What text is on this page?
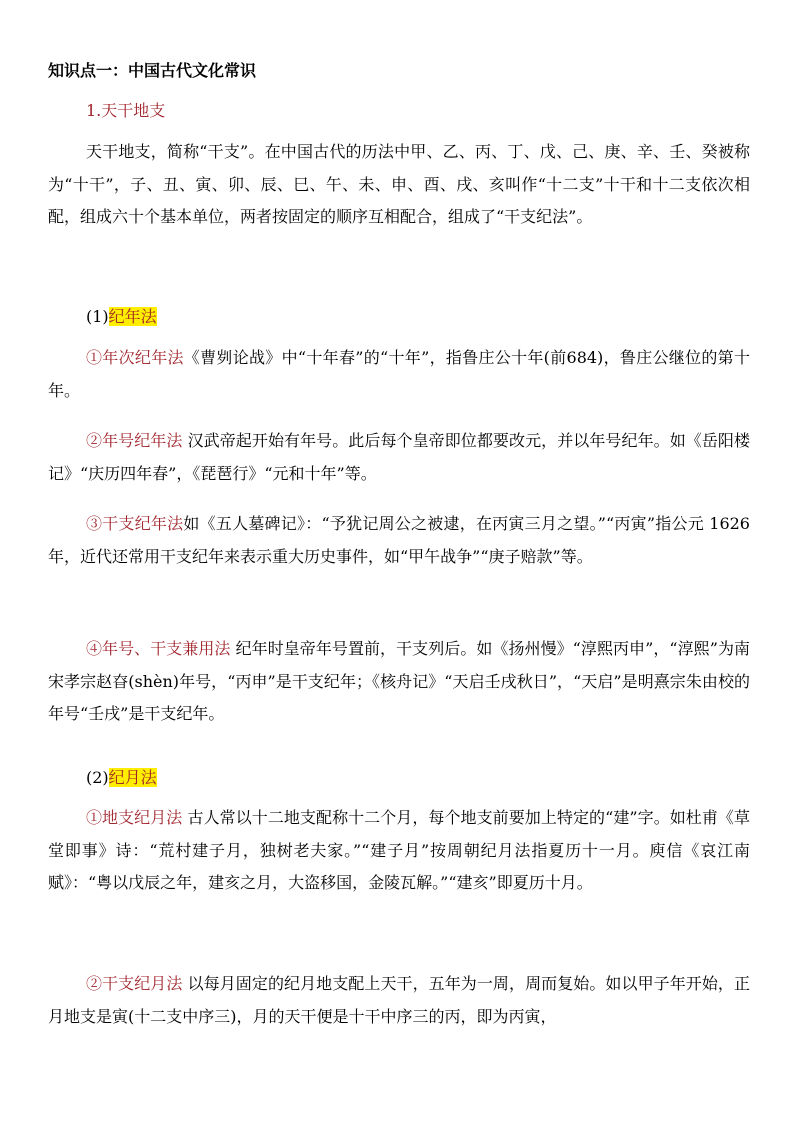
知识点一：中国古代文化常识
1.天干地支
天干地支，简称“干支”。在中国古代的历法中甲、乙、丙、丁、戊、己、庚、辛、壬、癸被称为“十干”，子、丑、寅、卯、辰、巳、午、未、申、酉、戌、亥叫作“十二支”十干和十二支依次相配，组成六十个基本单位，两者按固定的顺序互相配合，组成了“干支纪法”。
(1)纪年法
①年次纪年法《曹刿论战》中“十年春”的“十年”，指鲁庄公十年(前684)，鲁庄公继位的第十年。
②年号纪年法 汉武帝起开始有年号。此后每个皇帝即位都要改元，并以年号纪年。如《岳阳楼记》“庆历四年春”，《琵琶行》“元和十年”等。
③干支纪年法如《五人墓碑记》：“予犹记周公之被逮，在丙寅三月之望。”“丙寅”指公元 1626 年，近代还常用干支纪年来表示重大历史事件，如“甲午战争”“庚子赔款”等。
④年号、干支兼用法 纪年时皇帝年号置前，干支列后。如《扬州慢》“淳熙丙申”，“淳熙”为南宋孝宗赵昚(shèn)年号，“丙申”是干支纪年；《核舟记》“天启壬戌秋日”，“天启”是明熹宗朱由校的年号“壬戌”是干支纪年。
(2)纪月法
①地支纪月法 古人常以十二地支配称十二个月，每个地支前要加上特定的“建”字。如杜甫《草堂即事》诗：“荒村建子月，独树老夫家。”“建子月”按周朝纪月法指夏历十一月。庾信《哀江南赋》：“粤以戊辰之年，建亥之月，大盗移国，金陵瓦解。”“建亥”即夏历十月。
②干支纪月法 以每月固定的纪月地支配上天干，五年为一周，周而复始。如以甲子年开始，正月地支是寅(十二支中序三)，月的天干便是十干中序三的丙，即为丙寅，
